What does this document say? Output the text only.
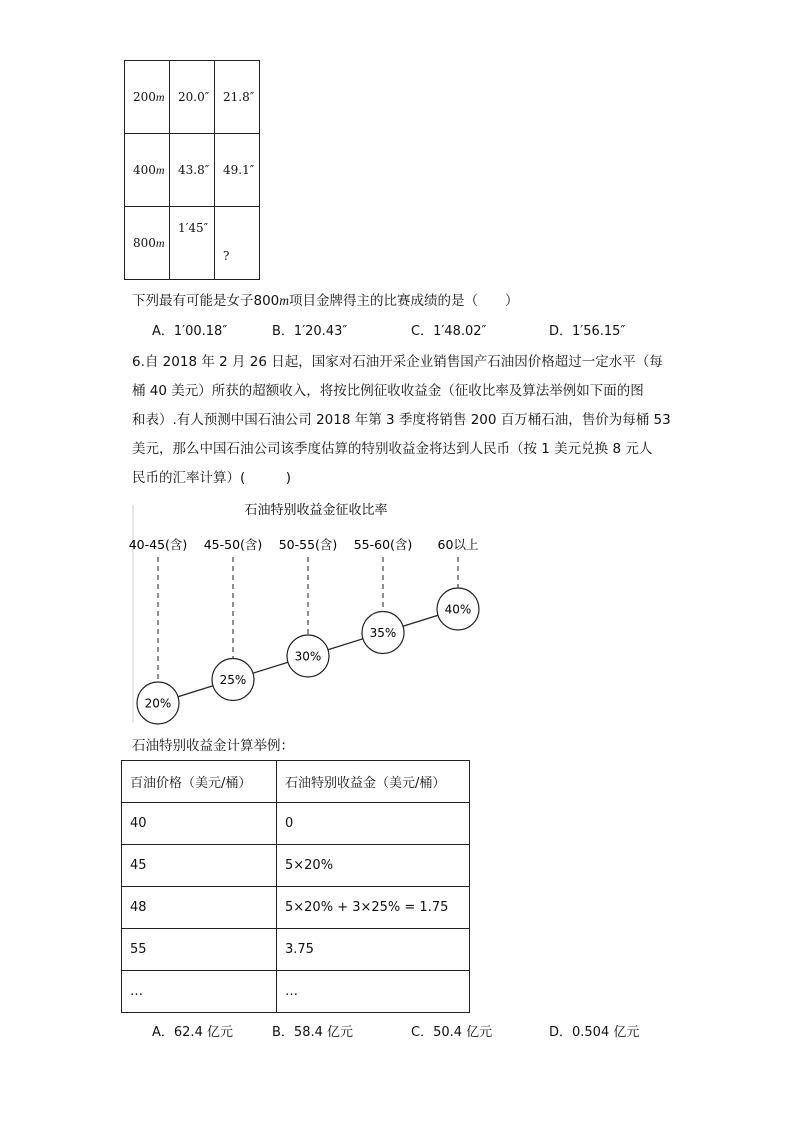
200m	20.0″	21.8″
400m	43.8″	49.1″
800m	1′45″	?
下列最有可能是女子800m项目金牌得主的比赛成绩的是（　　）
A．1′00.18″	B．1′20.43″	C．1′48.02″	D．1′56.15″
6.自 2018 年 2 月 26 日起，国家对石油开采企业销售国产石油因价格超过一定水平（每
桶 40 美元）所获的超额收入，将按比例征收收益金（征收比率及算法举例如下面的图
和表）.有人预测中国石油公司 2018 年第 3 季度将销售 200 百万桶石油，售价为每桶 53
美元，那么中国石油公司该季度估算的特别收益金将达到人民币（按 1 美元兑换 8 元人
民币的汇率计算）(　　　)
石油特别收益金征收比率
40-45(含)
20%
45-50(含)
25%
50-55(含)
30%
55-60(含)
35%
60以上
40%
石油特别收益金计算举例：
百油价格（美元/桶）	石油特别收益金（美元/桶）
40	0
45	5×20%
48	5×20% + 3×25% = 1.75
55	3.75
…	…
A．62.4 亿元	B．58.4 亿元	C．50.4 亿元	D．0.504 亿元
